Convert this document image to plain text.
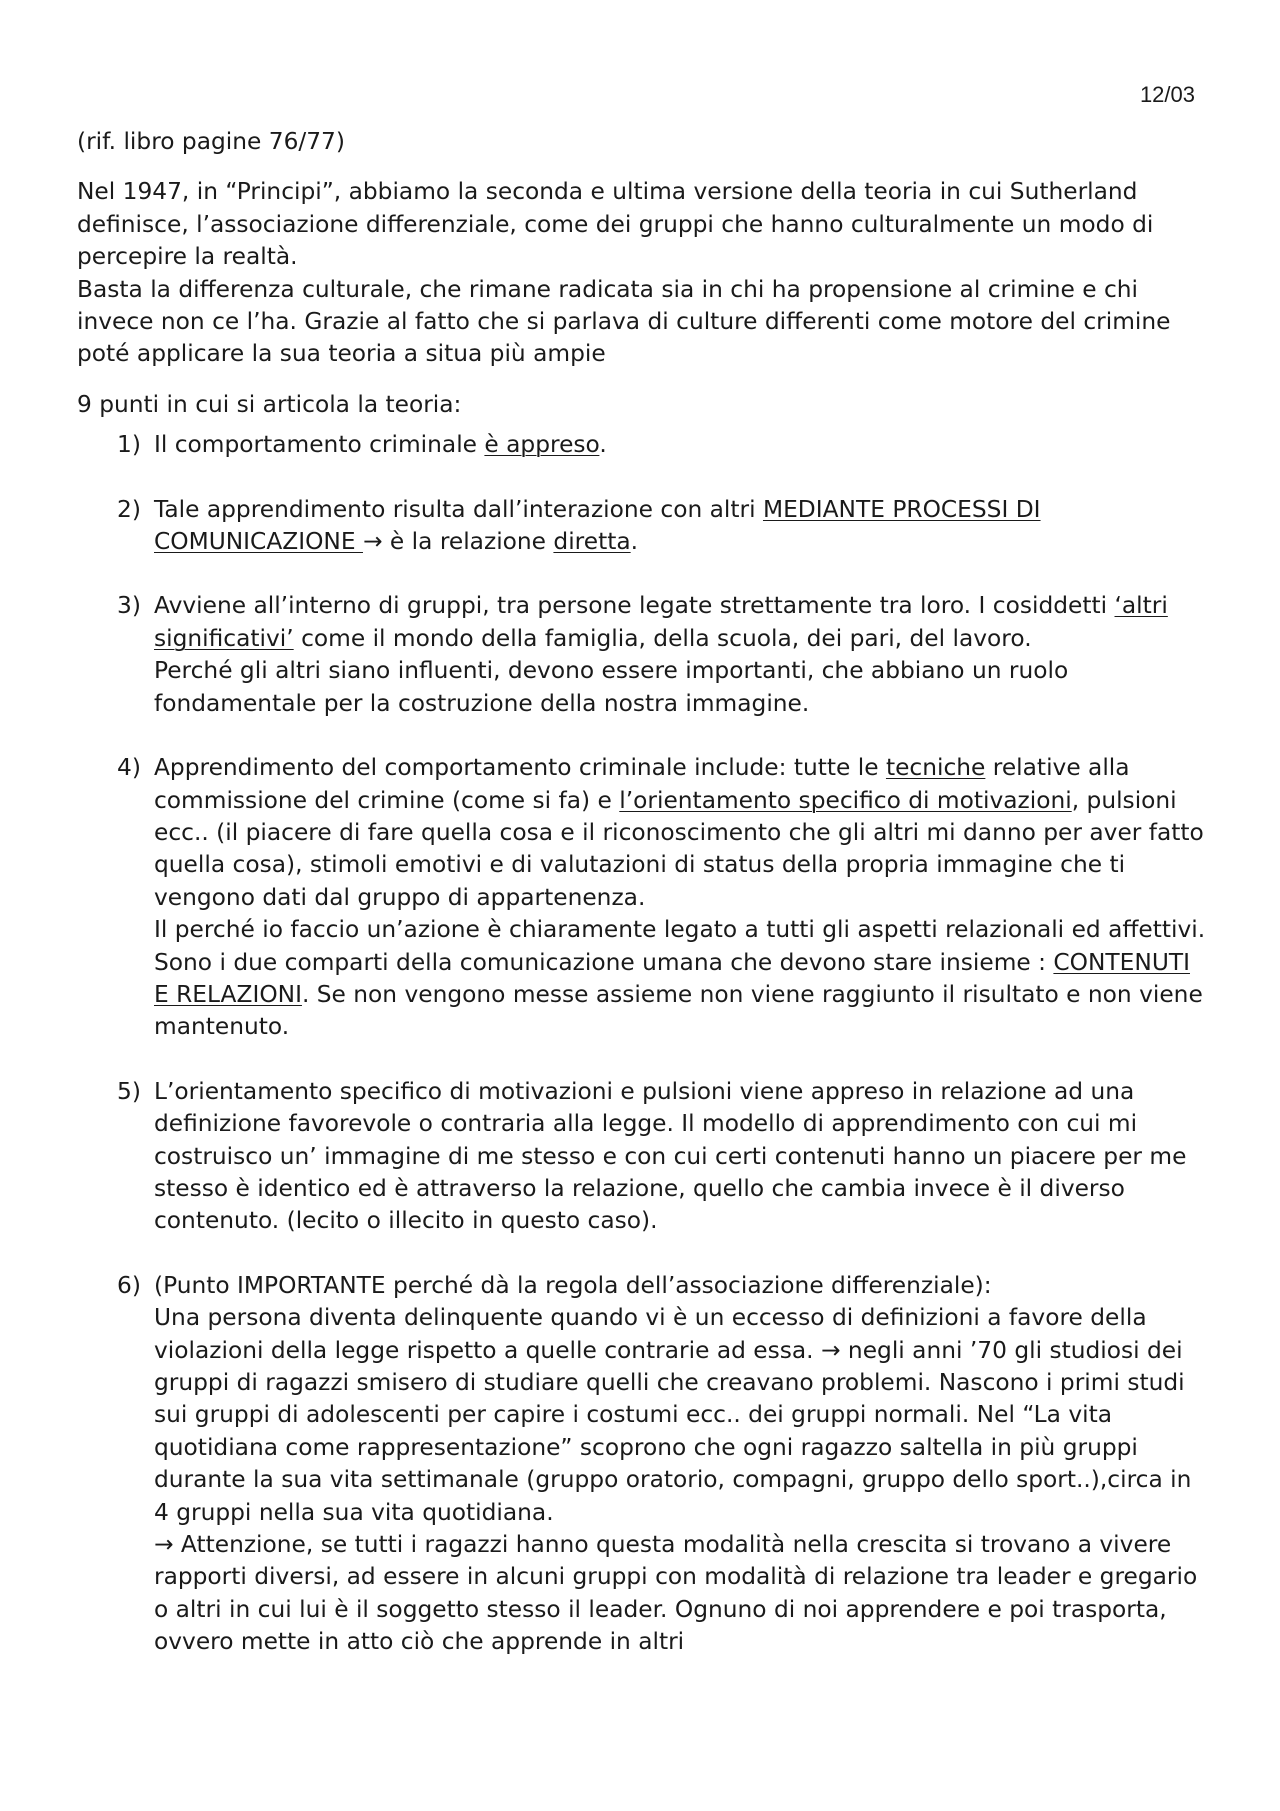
12/03

(rif. libro pagine 76/77)

Nel 1947, in “Principi”, abbiamo la seconda e ultima versione della teoria in cui Sutherland definisce, l’associazione differenziale, come dei gruppi che hanno culturalmente un modo di percepire la realtà.

Basta la differenza culturale, che rimane radicata sia in chi ha propensione al crimine e chi invece non ce l’ha. Grazie al fatto che si parlava di culture differenti come motore del crimine poté applicare la sua teoria a situa più ampie

9 punti in cui si articola la teoria:

1) Il comportamento criminale è appreso.
2) Tale apprendimento risulta dall’interazione con altri MEDIANTE PROCESSI DI COMUNICAZIONE → è la relazione diretta.
3) Avviene all’interno di gruppi, tra persone legate strettamente tra loro. I cosiddetti ‘altri significativi’ come il mondo della famiglia, della scuola, dei pari, del lavoro.
Perché gli altri siano influenti, devono essere importanti, che abbiano un ruolo fondamentale per la costruzione della nostra immagine.
4) Apprendimento del comportamento criminale include: tutte le tecniche relative alla commissione del crimine (come si fa) e l’orientamento specifico di motivazioni, pulsioni ecc.. (il piacere di fare quella cosa e il riconoscimento che gli altri mi danno per aver fatto quella cosa), stimoli emotivi e di valutazioni di status della propria immagine che ti vengono dati dal gruppo di appartenenza.
Il perché io faccio un’azione è chiaramente legato a tutti gli aspetti relazionali ed affettivi. Sono i due comparti della comunicazione umana che devono stare insieme : CONTENUTI E RELAZIONI. Se non vengono messe assieme non viene raggiunto il risultato e non viene mantenuto.
5) L’orientamento specifico di motivazioni e pulsioni viene appreso in relazione ad una definizione favorevole o contraria alla legge. Il modello di apprendimento con cui mi costruisco un’ immagine di me stesso e con cui certi contenuti hanno un piacere per me stesso è identico ed è attraverso la relazione, quello che cambia invece è il diverso contenuto. (lecito o illecito in questo caso).
6) (Punto IMPORTANTE perché dà la regola dell’associazione differenziale):
Una persona diventa delinquente quando vi è un eccesso di definizioni a favore della violazioni della legge rispetto a quelle contrarie ad essa. → negli anni ’70 gli studiosi dei gruppi di ragazzi smisero di studiare quelli che creavano problemi. Nascono i primi studi sui gruppi di adolescenti per capire i costumi ecc.. dei gruppi normali. Nel “La vita quotidiana come rappresentazione” scoprono che ogni ragazzo saltella in più gruppi durante la sua vita settimanale (gruppo oratorio, compagni, gruppo dello sport..),circa in 4 gruppi nella sua vita quotidiana.
→ Attenzione, se tutti i ragazzi hanno questa modalità nella crescita si trovano a vivere rapporti diversi, ad essere in alcuni gruppi con modalità di relazione tra leader e gregario o altri in cui lui è il soggetto stesso il leader. Ognuno di noi apprendere e poi trasporta, ovvero mette in atto ciò che apprende in altri
